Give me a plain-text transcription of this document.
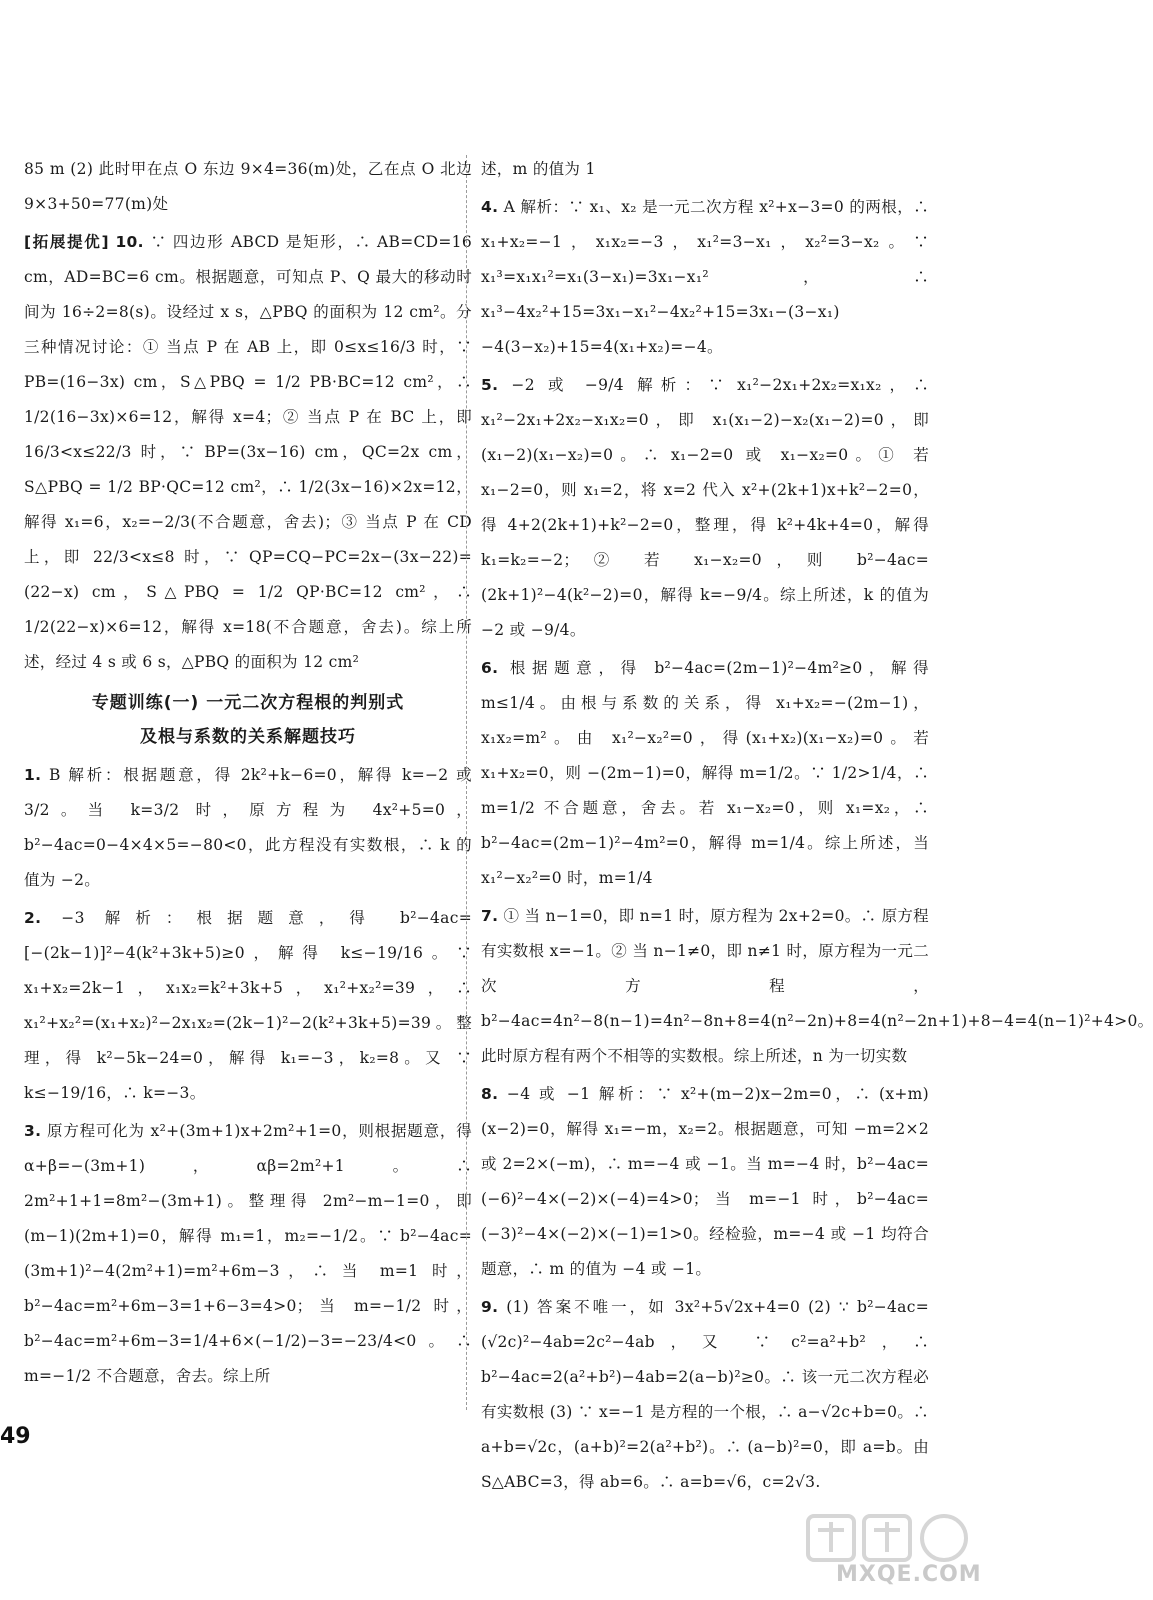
85 m (2) 此时甲在点 O 东边 9×4=36(m)处，乙在点 O 北边 9×3+50=77(m)处

[拓展提优] 10. ∵ 四边形 ABCD 是矩形，∴ AB=CD=16 cm，AD=BC=6 cm。根据题意，可知点 P、Q 最大的移动时间为 16÷2=8(s)。设经过 x s，△PBQ 的面积为 12 cm²。分三种情况讨论：① 当点 P 在 AB 上，即 0≤x≤16/3 时，∵ PB=(16−3x) cm，S△PBQ = 1/2 PB·BC=12 cm²，∴ 1/2(16−3x)×6=12，解得 x=4；② 当点 P 在 BC 上，即 16/3<x≤22/3 时，∵ BP=(3x−16) cm，QC=2x cm，S△PBQ = 1/2 BP·QC=12 cm²，∴ 1/2(3x−16)×2x=12，解得 x₁=6，x₂=−2/3(不合题意，舍去)；③ 当点 P 在 CD 上，即 22/3<x≤8 时，∵ QP=CQ−PC=2x−(3x−22)=(22−x) cm，S△PBQ = 1/2 QP·BC=12 cm²，∴ 1/2(22−x)×6=12，解得 x=18(不合题意，舍去)。综上所述，经过 4 s 或 6 s，△PBQ 的面积为 12 cm²

专题训练(一) 一元二次方程根的判别式
及根与系数的关系解题技巧

1. B 解析：根据题意，得 2k²+k−6=0，解得 k=−2 或 3/2。当 k=3/2 时，原方程为 4x²+5=0，b²−4ac=0−4×4×5=−80<0，此方程没有实数根，∴ k 的值为 −2。

2. −3 解析：根据题意，得 b²−4ac=[−(2k−1)]²−4(k²+3k+5)≥0，解得 k≤−19/16。∵ x₁+x₂=2k−1，x₁x₂=k²+3k+5，x₁²+x₂²=39，∴ x₁²+x₂²=(x₁+x₂)²−2x₁x₂=(2k−1)²−2(k²+3k+5)=39。整理，得 k²−5k−24=0，解得 k₁=−3，k₂=8。又 ∵ k≤−19/16，∴ k=−3。

3. 原方程可化为 x²+(3m+1)x+2m²+1=0，则根据题意，得 α+β=−(3m+1)，αβ=2m²+1。∴ 2m²+1+1=8m²−(3m+1)。整理得 2m²−m−1=0，即(m−1)(2m+1)=0，解得 m₁=1，m₂=−1/2。∵ b²−4ac=(3m+1)²−4(2m²+1)=m²+6m−3，∴ 当 m=1 时，b²−4ac=m²+6m−3=1+6−3=4>0；当 m=−1/2 时，b²−4ac=m²+6m−3=1/4+6×(−1/2)−3=−23/4<0。∴ m=−1/2 不合题意，舍去。综上所

述，m 的值为 1

4. A 解析：∵ x₁、x₂ 是一元二次方程 x²+x−3=0 的两根，∴ x₁+x₂=−1，x₁x₂=−3，x₁²=3−x₁，x₂²=3−x₂。∵ x₁³=x₁x₁²=x₁(3−x₁)=3x₁−x₁²，∴ x₁³−4x₂²+15=3x₁−x₁²−4x₂²+15=3x₁−(3−x₁)−4(3−x₂)+15=4(x₁+x₂)=−4。

5. −2 或 −9/4 解析：∵ x₁²−2x₁+2x₂=x₁x₂，∴ x₁²−2x₁+2x₂−x₁x₂=0，即 x₁(x₁−2)−x₂(x₁−2)=0，即(x₁−2)(x₁−x₂)=0。∴ x₁−2=0 或 x₁−x₂=0。① 若 x₁−2=0，则 x₁=2，将 x=2 代入 x²+(2k+1)x+k²−2=0，得 4+2(2k+1)+k²−2=0，整理，得 k²+4k+4=0，解得 k₁=k₂=−2；② 若 x₁−x₂=0，则 b²−4ac=(2k+1)²−4(k²−2)=0，解得 k=−9/4。综上所述，k 的值为 −2 或 −9/4。

6. 根据题意，得 b²−4ac=(2m−1)²−4m²≥0，解得 m≤1/4。由根与系数的关系，得 x₁+x₂=−(2m−1)，x₁x₂=m²。由 x₁²−x₂²=0，得(x₁+x₂)(x₁−x₂)=0。若 x₁+x₂=0，则 −(2m−1)=0，解得 m=1/2。∵ 1/2>1/4，∴ m=1/2 不合题意，舍去。若 x₁−x₂=0，则 x₁=x₂，∴ b²−4ac=(2m−1)²−4m²=0，解得 m=1/4。综上所述，当 x₁²−x₂²=0 时，m=1/4

7. ① 当 n−1=0，即 n=1 时，原方程为 2x+2=0。∴ 原方程有实数根 x=−1。② 当 n−1≠0，即 n≠1 时，原方程为一元二次方程，b²−4ac=4n²−8(n−1)=4n²−8n+8=4(n²−2n)+8=4(n²−2n+1)+8−4=4(n−1)²+4>0。此时原方程有两个不相等的实数根。综上所述，n 为一切实数

8. −4 或 −1 解析：∵ x²+(m−2)x−2m=0，∴ (x+m)(x−2)=0，解得 x₁=−m，x₂=2。根据题意，可知 −m=2×2 或 2=2×(−m)，∴ m=−4 或 −1。当 m=−4 时，b²−4ac=(−6)²−4×(−2)×(−4)=4>0；当 m=−1 时，b²−4ac=(−3)²−4×(−2)×(−1)=1>0。经检验，m=−4 或 −1 均符合题意，∴ m 的值为 −4 或 −1。

9. (1) 答案不唯一，如 3x²+5√2x+4=0 (2) ∵ b²−4ac=(√2c)²−4ab=2c²−4ab，又 ∵ c²=a²+b²，∴ b²−4ac=2(a²+b²)−4ab=2(a−b)²≥0。∴ 该一元二次方程必有实数根 (3) ∵ x=−1 是方程的一个根，∴ a−√2c+b=0。∴ a+b=√2c，(a+b)²=2(a²+b²)。∴ (a−b)²=0，即 a=b。由 S△ABC=3，得 ab=6。∴ a=b=√6，c=2√3.

49
MXQE.COM
